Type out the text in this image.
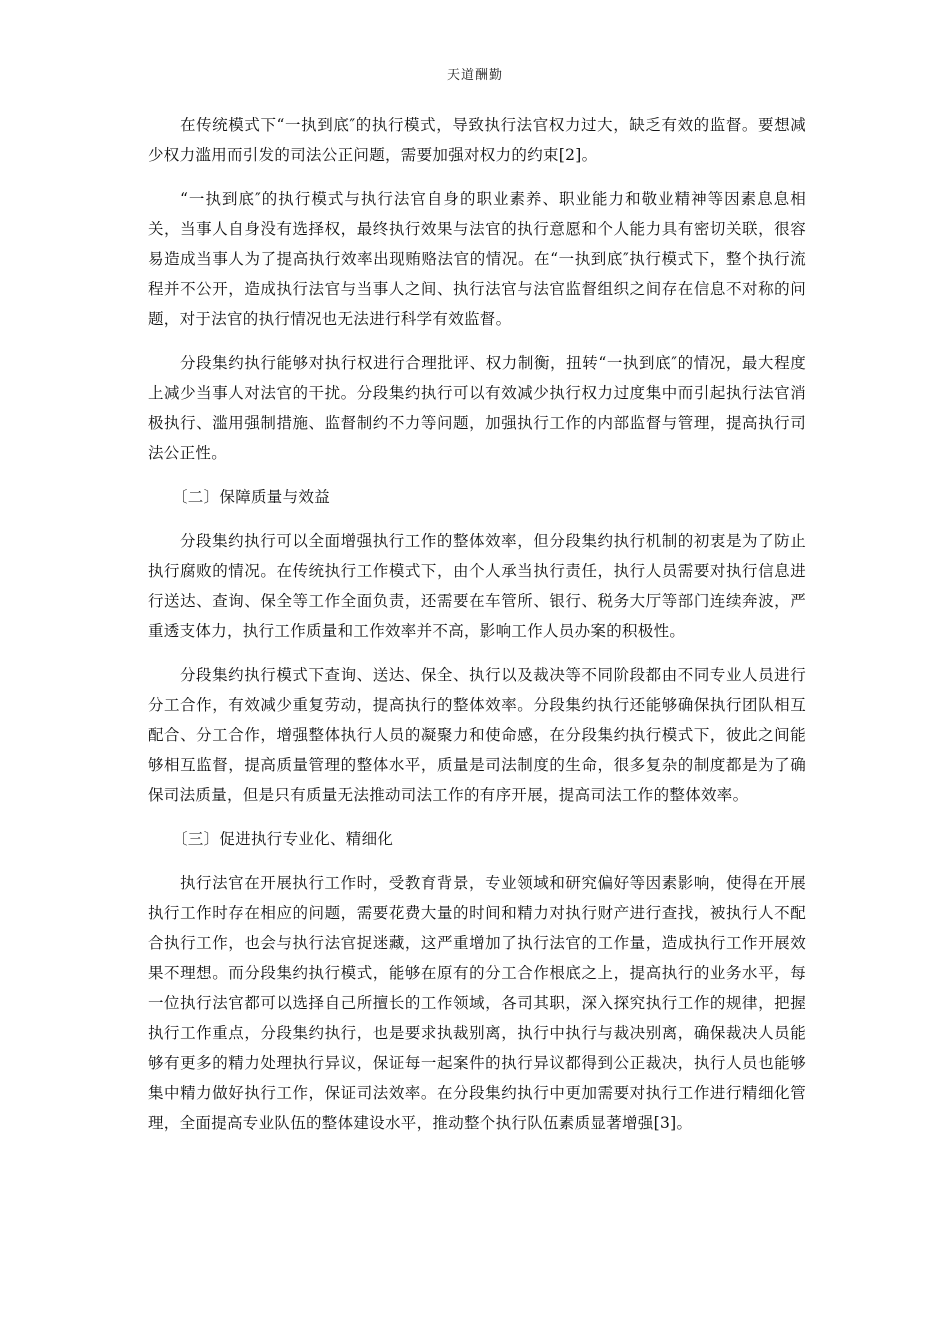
天道酬勤

在传统模式下“一执到底″的执行模式，导致执行法官权力过大，缺乏有效的监督。要想减少权力滥用而引发的司法公正问题，需要加强对权力的约束[2]。

“一执到底″的执行模式与执行法官自身的职业素养、职业能力和敬业精神等因素息息相关，当事人自身没有选择权，最终执行效果与法官的执行意愿和个人能力具有密切关联，很容易造成当事人为了提高执行效率出现贿赂法官的情况。在“一执到底″执行模式下，整个执行流程并不公开，造成执行法官与当事人之间、执行法官与法官监督组织之间存在信息不对称的问题，对于法官的执行情况也无法进行科学有效监督。

分段集约执行能够对执行权进行合理批评、权力制衡，扭转“一执到底″的情况，最大程度上减少当事人对法官的干扰。分段集约执行可以有效减少执行权力过度集中而引起执行法官消极执行、滥用强制措施、监督制约不力等问题，加强执行工作的内部监督与管理，提高执行司法公正性。

〔二〕保障质量与效益

分段集约执行可以全面增强执行工作的整体效率，但分段集约执行机制的初衷是为了防止执行腐败的情况。在传统执行工作模式下，由个人承当执行责任，执行人员需要对执行信息进行送达、查询、保全等工作全面负责，还需要在车管所、银行、税务大厅等部门连续奔波，严重透支体力，执行工作质量和工作效率并不高，影响工作人员办案的积极性。

分段集约执行模式下查询、送达、保全、执行以及裁决等不同阶段都由不同专业人员进行分工合作，有效减少重复劳动，提高执行的整体效率。分段集约执行还能够确保执行团队相互配合、分工合作，增强整体执行人员的凝聚力和使命感，在分段集约执行模式下，彼此之间能够相互监督，提高质量管理的整体水平，质量是司法制度的生命，很多复杂的制度都是为了确保司法质量，但是只有质量无法推动司法工作的有序开展，提高司法工作的整体效率。

〔三〕促进执行专业化、精细化

执行法官在开展执行工作时，受教育背景，专业领域和研究偏好等因素影响，使得在开展执行工作时存在相应的问题，需要花费大量的时间和精力对执行财产进行查找，被执行人不配合执行工作，也会与执行法官捉迷藏，这严重增加了执行法官的工作量，造成执行工作开展效果不理想。而分段集约执行模式，能够在原有的分工合作根底之上，提高执行的业务水平，每一位执行法官都可以选择自己所擅长的工作领域，各司其职，深入探究执行工作的规律，把握执行工作重点，分段集约执行，也是要求执裁别离，执行中执行与裁决别离，确保裁决人员能够有更多的精力处理执行异议，保证每一起案件的执行异议都得到公正裁决，执行人员也能够集中精力做好执行工作，保证司法效率。在分段集约执行中更加需要对执行工作进行精细化管理，全面提高专业队伍的整体建设水平，推动整个执行队伍素质显著增强[3]。
